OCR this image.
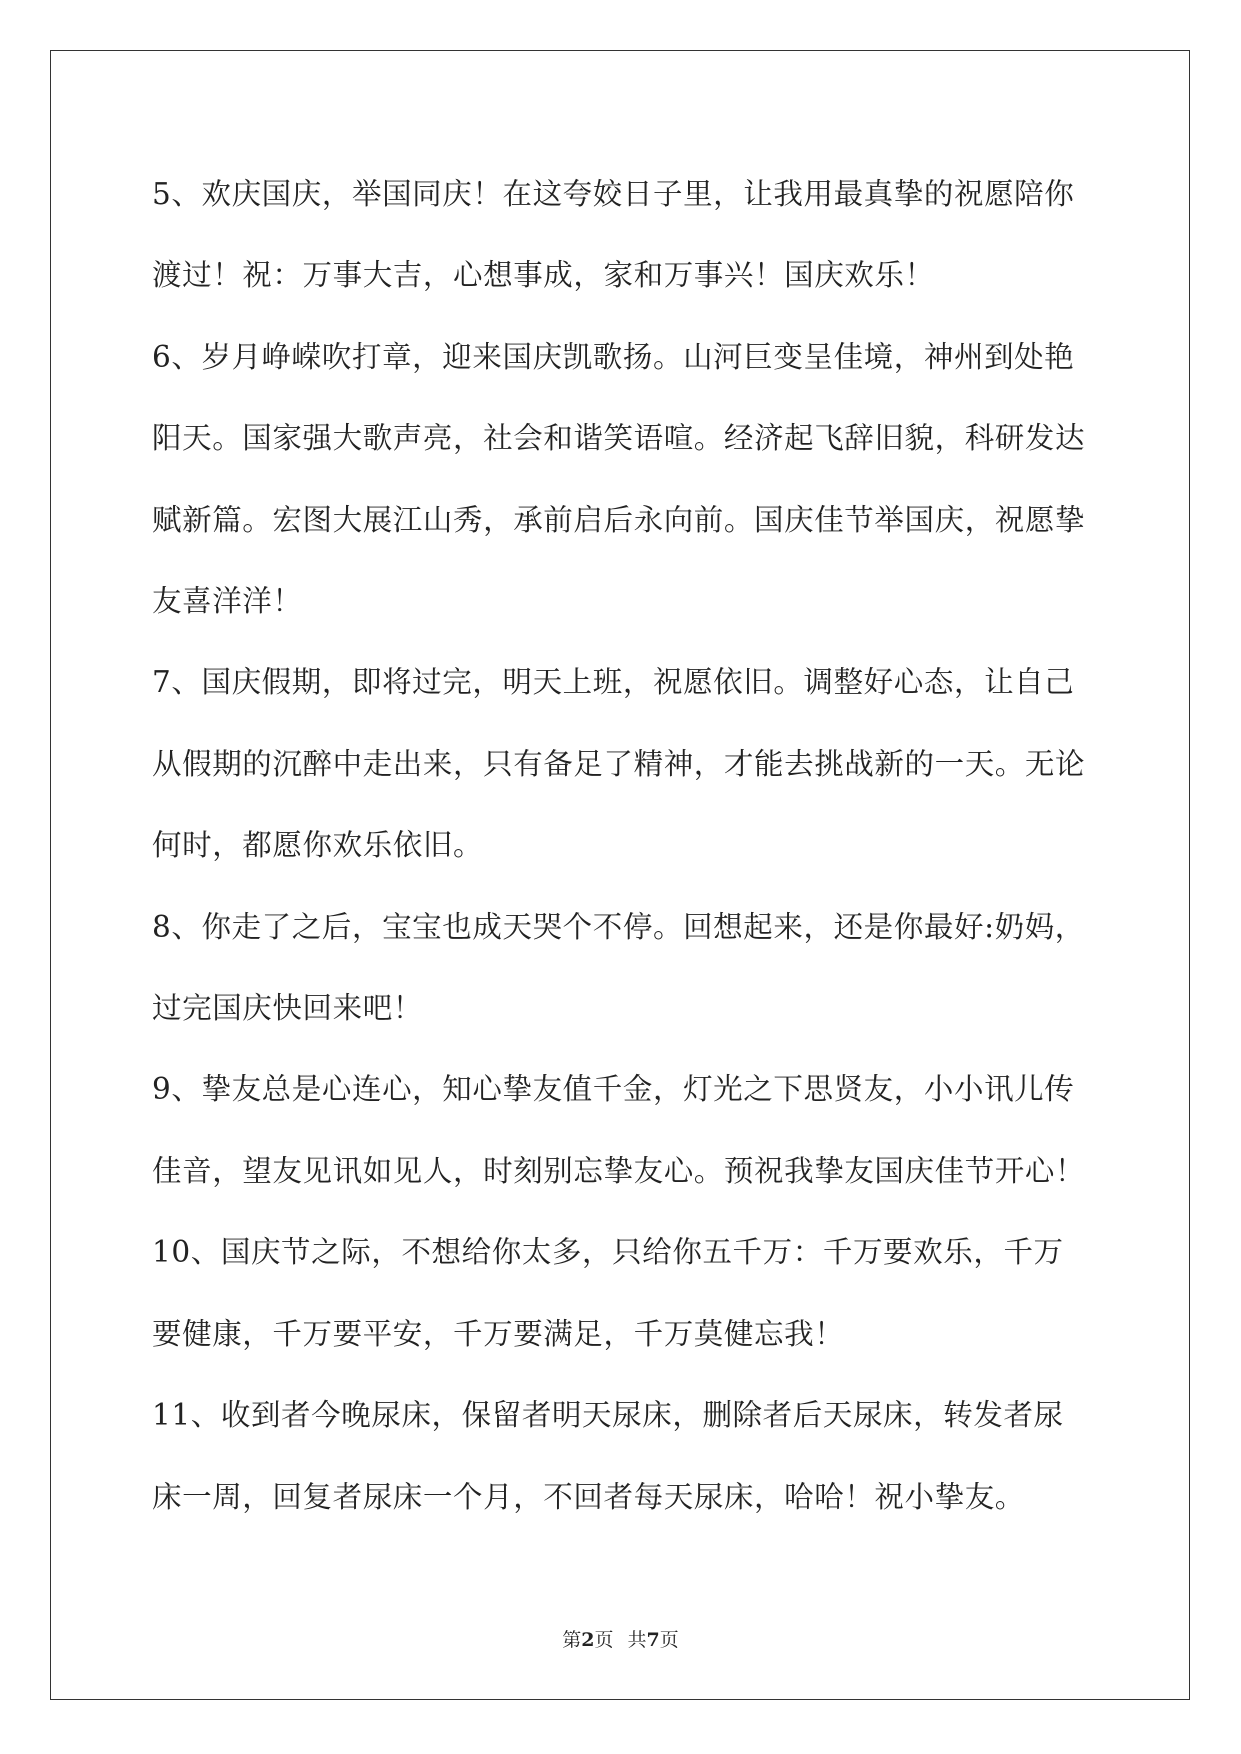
5、欢庆国庆，举国同庆！在这夸姣日子里，让我用最真挚的祝愿陪你渡过！祝：万事大吉，心想事成，家和万事兴！国庆欢乐！

6、岁月峥嵘吹打章，迎来国庆凯歌扬。山河巨变呈佳境，神州到处艳阳天。国家强大歌声亮，社会和谐笑语喧。经济起飞辞旧貌，科研发达赋新篇。宏图大展江山秀，承前启后永向前。国庆佳节举国庆，祝愿挚友喜洋洋！

7、国庆假期，即将过完，明天上班，祝愿依旧。调整好心态，让自己从假期的沉醉中走出来，只有备足了精神，才能去挑战新的一天。无论何时，都愿你欢乐依旧。

8、你走了之后，宝宝也成天哭个不停。回想起来，还是你最好:奶妈，过完国庆快回来吧！

9、挚友总是心连心，知心挚友值千金，灯光之下思贤友，小小讯儿传佳音，望友见讯如见人，时刻别忘挚友心。预祝我挚友国庆佳节开心！

10、国庆节之际，不想给你太多，只给你五千万：千万要欢乐，千万要健康，千万要平安，千万要满足，千万莫健忘我！

11、收到者今晚尿床，保留者明天尿床，删除者后天尿床，转发者尿床一周，回复者尿床一个月，不回者每天尿床，哈哈！祝小挚友。

第2页 共7页
